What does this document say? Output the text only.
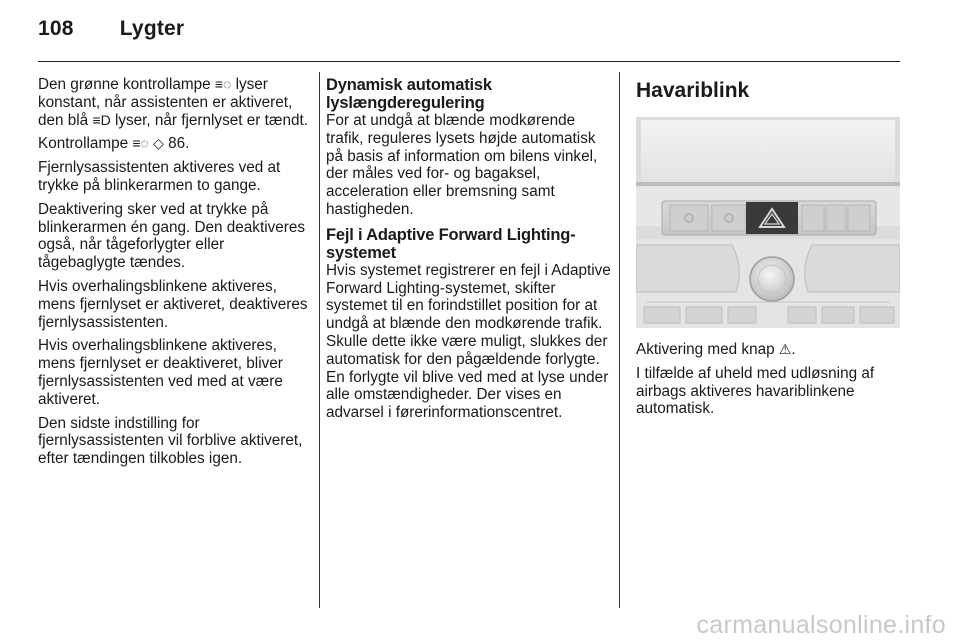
108 Lygter

Den grønne kontrollampe ≡◌ lyser konstant, når assistenten er aktiveret, den blå ≡D lyser, når fjernlyset er tændt.

Kontrollampe ≡◌ ◇ 86.

Fjernlysassistenten aktiveres ved at trykke på blinkerarmen to gange.

Deaktivering sker ved at trykke på blinkerarmen én gang. Den deaktiveres også, når tågeforlygter eller tågebaglygte tændes.

Hvis overhalingsblinkene aktiveres, mens fjernlyset er aktiveret, deaktiveres fjernlysassistenten.

Hvis overhalingsblinkene aktiveres, mens fjernlyset er deaktiveret, bliver fjernlysassistenten ved med at være aktiveret.

Den sidste indstilling for fjernlysassistenten vil forblive aktiveret, efter tændingen tilkobles igen.

Dynamisk automatisk lyslængderegulering

For at undgå at blænde modkørende trafik, reguleres lysets højde automatisk på basis af information om bilens vinkel, der måles ved for- og bagaksel, acceleration eller bremsning samt hastigheden.

Fejl i Adaptive Forward Lighting-systemet

Hvis systemet registrerer en fejl i Adaptive Forward Lighting-systemet, skifter systemet til en forindstillet position for at undgå at blænde den modkørende trafik. Skulle dette ikke være muligt, slukkes der automatisk for den pågældende forlygte. En forlygte vil blive ved med at lyse under alle omstændigheder. Der vises en advarsel i førerinformationscentret.

Havariblink

Aktivering med knap ⚠.

I tilfælde af uheld med udløsning af airbags aktiveres havariblinkene automatisk.

carmanualsonline.info
